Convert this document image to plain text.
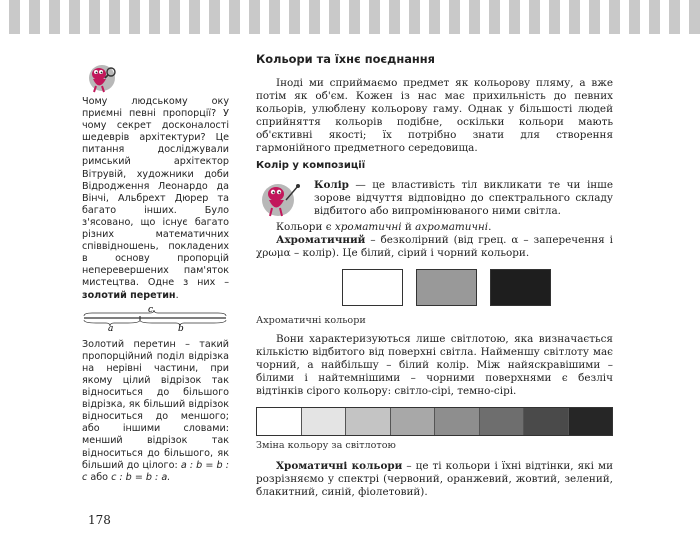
Чому людському оку приємні певні пропорції? У чому секрет досконалості шедеврів архітектури? Це питання досліджували римський архітектор Вітрувій, художники доби Відродження Леонардо да Вінчі, Альбрехт Дюрер та багато інших. Було з'ясовано, що існує багато різних математичних співвідношень, покладених в основу пропорцій неперевершених пам'яток мистецтва. Одне з них – золотий перетин.

c
a	b

Золотий перетин – такий пропорційний поділ відрізка на нерівні частини, при якому цілий відрізок так відноситься до більшого відрізка, як більший відрізок відноситься до меншого; або іншими словами: менший відрізок так відноситься до більшого, як більший до цілого: a : b = b : c або c : b = b : a.

Кольори та їхнє поєднання

Іноді ми сприймаємо предмет як кольорову пляму, а вже потім як об'єм. Кожен із нас має прихильність до певних кольорів, улюблену кольорову гаму. Однак у більшості людей сприйняття кольорів подібне, оскільки кольори мають об'єктивні якості; їх потрібно знати для створення гармонійного предметного середовища.

Колір у композиції

Колір — це властивість тіл викликати те чи інше зорове відчуття відповідно до спектрального складу відбитого або випромінюваного ними світла.

Кольори є хроматичні й ахроматичні.

Ахроматичний – безколірний (від грец. α – заперечення і χρωμα – колір). Це білий, сірий і чорний кольори.

Ахроматичні кольори

Вони характеризуються лише світлотою, яка визначається кількістю відбитого від поверхні світла. Найменшу світлоту має чорний, а найбільшу – білий колір. Між найяскравішими – білими і найтемнішими – чорними поверхнями є безліч відтінків сірого кольору: світло-сірі, темно-сірі.

Зміна кольору за світлотою

Хроматичні кольори – це ті кольори і їхні відтінки, які ми розрізняємо у спектрі (червоний, оранжевий, жовтий, зелений, блакитний, синій, фіолетовий).

178
